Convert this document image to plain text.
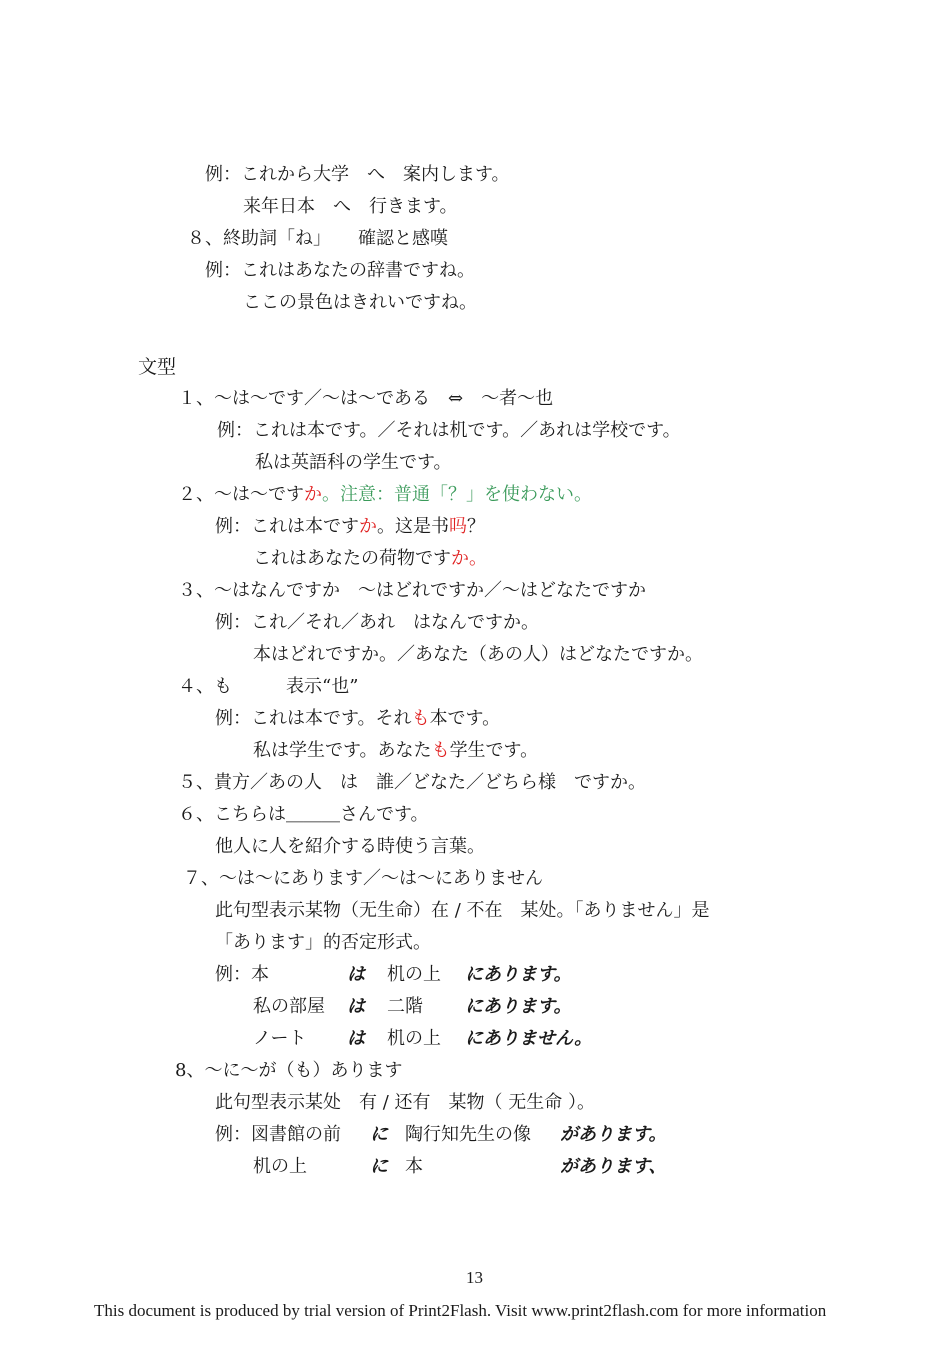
例：これから大学　へ　案内します。
来年日本　へ　行きます。
８、終助詞「ね」　　確認と感嘆
例：これはあなたの辞書ですね。
ここの景色はきれいですね。
文型
１、～は～です／～は～である　⇔　～者～也
例：これは本です。／それは机です。／あれは学校です。
私は英語科の学生です。
２、～は～ですか。注意：普通「？」を使わない。
例：これは本ですか。这是书吗？
これはあなたの荷物ですか。
３、～はなんですか　～はどれですか／～はどなたですか
例：これ／それ／あれ　はなんですか。
本はどれですか。／あなた（あの人）はどなたですか。
４、も　　　表示“也”
例：これは本です。それも本です。
私は学生です。あなたも学生です。
５、貴方／あの人　は　誰／どなた／どちら様　ですか。
６、こちらは＿＿＿さんです。
他人に人を紹介する時使う言葉。
７、～は～にあります／～は～にありません
此句型表示某物（无生命）在 / 不在　某处。「ありません」是
「あります」的否定形式。
例：本	は 机の上 にあります。
私の部屋 は 二階 にあります。
ノート は 机の上 にありません。
8、～に～が（も）あります
此句型表示某处　有 / 还有　某物（ 无生命 ）。
例：図書館の前 に 陶行知先生の像 があります。
机の上	に 本	があります、
13
This document is produced by trial version of Print2Flash. Visit www.print2flash.com for more information
